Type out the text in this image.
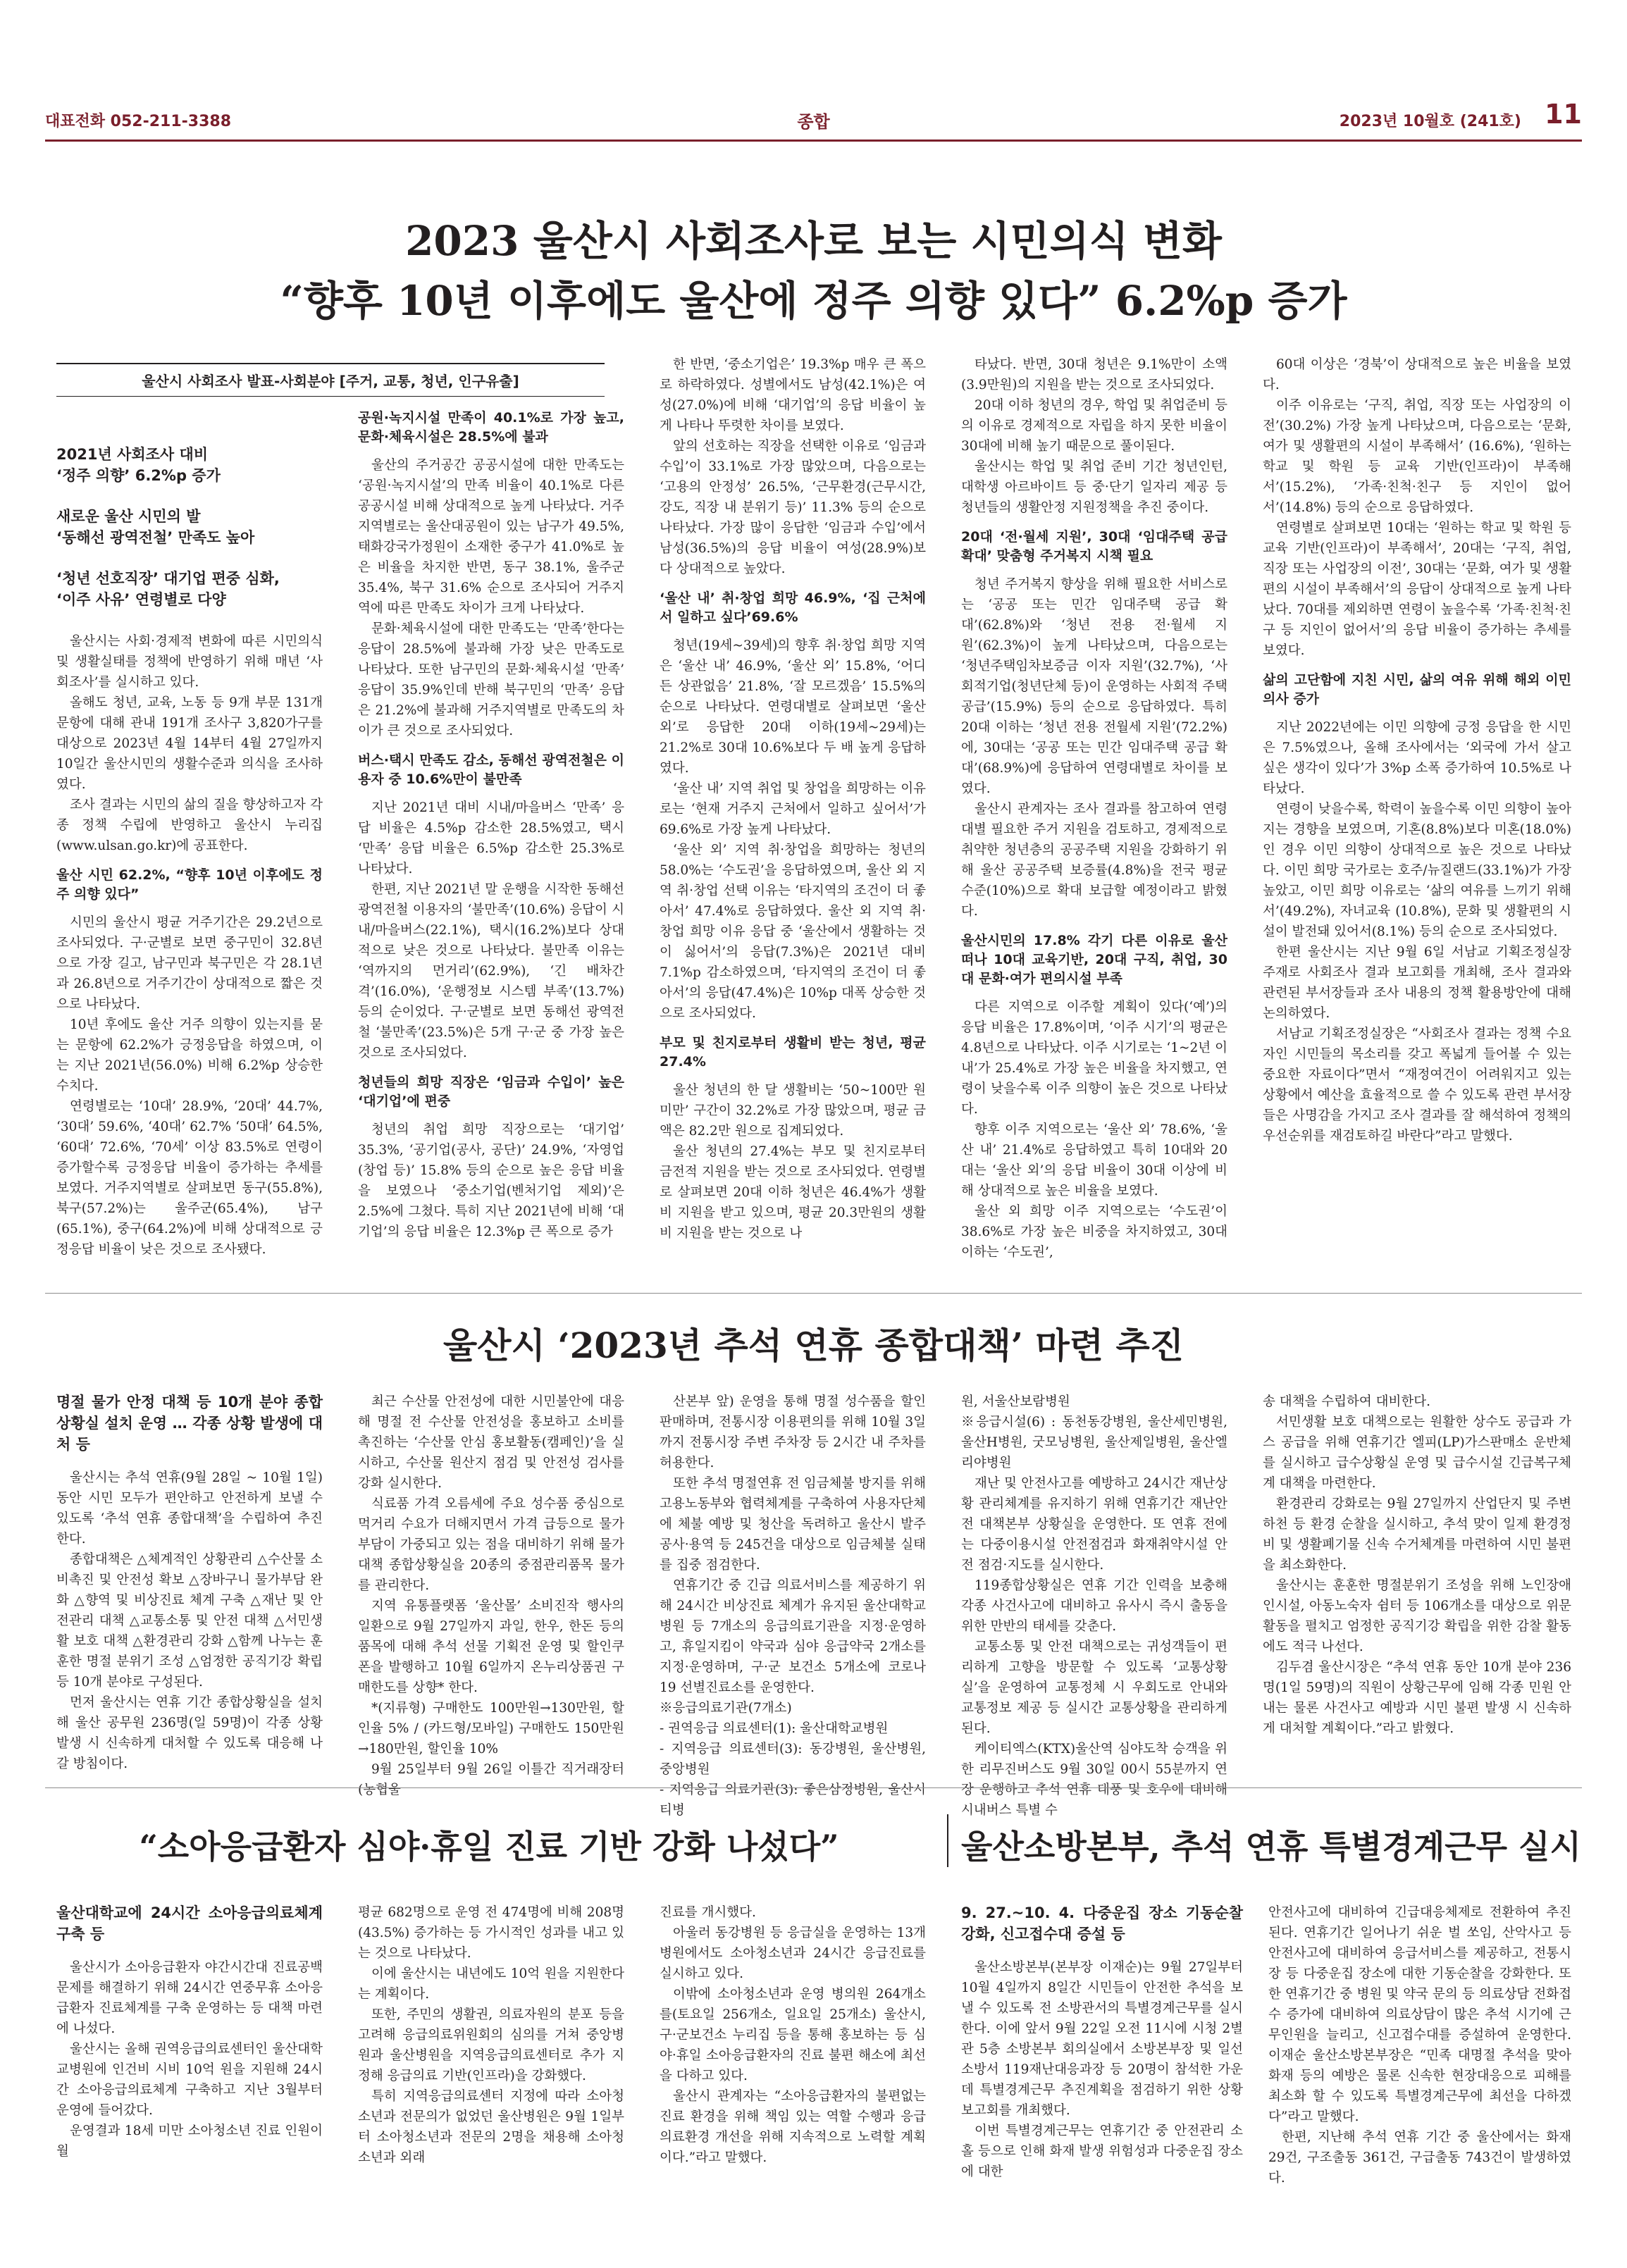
대표전화 052-211-3388	종합	2023년 10월호 (241호) 11
2023 울산시 사회조사로 보는 시민의식 변화
“향후 10년 이후에도 울산에 정주 의향 있다” 6.2%p 증가
울산시 사회조사 발표-사회분야 [주거, 교통, 청년, 인구유출]
2021년 사회조사 대비
‘정주 의향’ 6.2%p 증가
새로운 울산 시민의 발
‘동해선 광역전철’ 만족도 높아
‘청년 선호직장’ 대기업 편중 심화,
‘이주 사유’ 연령별로 다양

울산시는 사회·경제적 변화에 따른 시민의식 및 생활실태를 정책에 반영하기 위해 매년 ‘사회조사’를 실시하고 있다.

올해도 청년, 교육, 노동 등 9개 부문 131개 문항에 대해 관내 191개 조사구 3,820가구를 대상으로 2023년 4월 14부터 4월 27일까지 10일간 울산시민의 생활수준과 의식을 조사하였다.

조사 결과는 시민의 삶의 질을 향상하고자 각종 정책 수립에 반영하고 울산시 누리집(www.ulsan.go.kr)에 공표한다.

울산 시민 62.2%, “향후 10년 이후에도 정주 의향 있다”

시민의 울산시 평균 거주기간은 29.2년으로 조사되었다. 구·군별로 보면 중구민이 32.8년으로 가장 길고, 남구민과 북구민은 각 28.1년과 26.8년으로 거주기간이 상대적으로 짧은 것으로 나타났다.

10년 후에도 울산 거주 의향이 있는지를 묻는 문항에 62.2%가 긍정응답을 하였으며, 이는 지난 2021년(56.0%) 비해 6.2%p 상승한 수치다.

연령별로는 ‘10대’ 28.9%, ‘20대’ 44.7%, ‘30대’ 59.6%, ‘40대’ 62.7% ‘50대’ 64.5%, ‘60대’ 72.6%, ‘70세’ 이상 83.5%로 연령이 증가할수록 긍정응답 비율이 증가하는 추세를 보였다. 거주지역별로 살펴보면 동구(55.8%), 북구(57.2%)는 울주군(65.4%), 남구(65.1%), 중구(64.2%)에 비해 상대적으로 긍정응답 비율이 낮은 것으로 조사됐다.

공원·녹지시설 만족이 40.1%로 가장 높고, 문화·체육시설은 28.5%에 불과

울산의 주거공간 공공시설에 대한 만족도는 ‘공원·녹지시설’의 만족 비율이 40.1%로 다른 공공시설 비해 상대적으로 높게 나타났다. 거주 지역별로는 울산대공원이 있는 남구가 49.5%, 태화강국가정원이 소재한 중구가 41.0%로 높은 비율을 차지한 반면, 동구 38.1%, 울주군 35.4%, 북구 31.6% 순으로 조사되어 거주지역에 따른 만족도 차이가 크게 나타났다.

문화·체육시설에 대한 만족도는 ‘만족’한다는 응답이 28.5%에 불과해 가장 낮은 만족도로 나타났다. 또한 남구민의 문화·체육시설 ‘만족’ 응답이 35.9%인데 반해 북구민의 ‘만족’ 응답은 21.2%에 불과해 거주지역별로 만족도의 차이가 큰 것으로 조사되었다.

버스·택시 만족도 감소, 동해선 광역전철은 이용자 중 10.6%만이 불만족

지난 2021년 대비 시내/마을버스 ‘만족’ 응답 비율은 4.5%p 감소한 28.5%였고, 택시 ‘만족’ 응답 비율은 6.5%p 감소한 25.3%로 나타났다.

한편, 지난 2021년 말 운행을 시작한 동해선 광역전철 이용자의 ‘불만족’(10.6%) 응답이 시내/마을버스(22.1%), 택시(16.2%)보다 상대적으로 낮은 것으로 나타났다. 불만족 이유는 ‘역까지의 먼거리’(62.9%), ‘긴 배차간격’(16.0%), ‘운행정보 시스템 부족’(13.7%) 등의 순이었다. 구·군별로 보면 동해선 광역전철 ‘불만족’(23.5%)은 5개 구·군 중 가장 높은 것으로 조사되었다.

청년들의 희망 직장은 ‘임금과 수입이’ 높은 ‘대기업’에 편중

청년의 취업 희망 직장으로는 ‘대기업’ 35.3%, ‘공기업(공사, 공단)’ 24.9%, ‘자영업(창업 등)’ 15.8% 등의 순으로 높은 응답 비율을 보였으나 ‘중소기업(벤처기업 제외)’은 2.5%에 그쳤다. 특히 지난 2021년에 비해 ‘대기업’의 응답 비율은 12.3%p 큰 폭으로 증가

한 반면, ‘중소기업은’ 19.3%p 매우 큰 폭으로 하락하였다. 성별에서도 남성(42.1%)은 여성(27.0%)에 비해 ‘대기업’의 응답 비율이 높게 나타나 뚜렷한 차이를 보였다.

앞의 선호하는 직장을 선택한 이유로 ‘임금과 수입’이 33.1%로 가장 많았으며, 다음으로는 ‘고용의 안정성’ 26.5%, ‘근무환경(근무시간, 강도, 직장 내 분위기 등)’ 11.3% 등의 순으로 나타났다. 가장 많이 응답한 ‘임금과 수입’에서 남성(36.5%)의 응답 비율이 여성(28.9%)보다 상대적으로 높았다.

‘울산 내’ 취·창업 희망 46.9%, ‘집 근처에서 일하고 싶다’69.6%

청년(19세~39세)의 향후 취·창업 희망 지역은 ‘울산 내’ 46.9%, ‘울산 외’ 15.8%, ‘어디든 상관없음’ 21.8%, ‘잘 모르겠음’ 15.5%의 순으로 나타났다. 연령대별로 살펴보면 ‘울산 외’로 응답한 20대 이하(19세~29세)는 21.2%로 30대 10.6%보다 두 배 높게 응답하였다.

‘울산 내’ 지역 취업 및 창업을 희망하는 이유로는 ‘현재 거주지 근처에서 일하고 싶어서’가 69.6%로 가장 높게 나타났다.

‘울산 외’ 지역 취·창업을 희망하는 청년의 58.0%는 ‘수도권’을 응답하였으며, 울산 외 지역 취·창업 선택 이유는 ‘타지역의 조건이 더 좋아서’ 47.4%로 응답하였다. 울산 외 지역 취·창업 희망 이유 응답 중 ‘울산에서 생활하는 것이 싫어서’의 응답(7.3%)은 2021년 대비 7.1%p 감소하였으며, ‘타지역의 조건이 더 좋아서’의 응답(47.4%)은 10%p 대폭 상승한 것으로 조사되었다.

부모 및 친지로부터 생활비 받는 청년, 평균 27.4%

울산 청년의 한 달 생활비는 ‘50~100만 원 미만’ 구간이 32.2%로 가장 많았으며, 평균 금액은 82.2만 원으로 집계되었다.

울산 청년의 27.4%는 부모 및 친지로부터 금전적 지원을 받는 것으로 조사되었다. 연령별로 살펴보면 20대 이하 청년은 46.4%가 생활비 지원을 받고 있으며, 평균 20.3만원의 생활비 지원을 받는 것으로 나

타났다. 반면, 30대 청년은 9.1%만이 소액(3.9만원)의 지원을 받는 것으로 조사되었다.

20대 이하 청년의 경우, 학업 및 취업준비 등의 이유로 경제적으로 자립을 하지 못한 비율이 30대에 비해 높기 때문으로 풀이된다.

울산시는 학업 및 취업 준비 기간 청년인턴, 대학생 아르바이트 등 중·단기 일자리 제공 등 청년들의 생활안정 지원정책을 추진 중이다.

20대 ‘전·월세 지원’, 30대 ‘임대주택 공급 확대’ 맞춤형 주거복지 시책 필요

청년 주거복지 향상을 위해 필요한 서비스로는 ‘공공 또는 민간 임대주택 공급 확대’(62.8%)와 ‘청년 전용 전·월세 지원’(62.3%)이 높게 나타났으며, 다음으로는 ‘청년주택임차보증금 이자 지원’(32.7%), ‘사회적기업(청년단체 등)이 운영하는 사회적 주택 공급’(15.9%) 등의 순으로 응답하였다. 특히 20대 이하는 ‘청년 전용 전월세 지원’(72.2%)에, 30대는 ‘공공 또는 민간 임대주택 공급 확대’(68.9%)에 응답하여 연령대별로 차이를 보였다.

울산시 관계자는 조사 결과를 참고하여 연령대별 필요한 주거 지원을 검토하고, 경제적으로 취약한 청년층의 공공주택 지원을 강화하기 위해 울산 공공주택 보증률(4.8%)을 전국 평균 수준(10%)으로 확대 보급할 예정이라고 밝혔다.

울산시민의 17.8% 각기 다른 이유로 울산 떠나 10대 교육기반, 20대 구직, 취업, 30대 문화·여가 편의시설 부족

다른 지역으로 이주할 계획이 있다(‘예’)의 응답 비율은 17.8%이며, ‘이주 시기’의 평균은 4.8년으로 나타났다. 이주 시기로는 ‘1~2년 이내’가 25.4%로 가장 높은 비율을 차지했고, 연령이 낮을수록 이주 의향이 높은 것으로 나타났다.

향후 이주 지역으로는 ‘울산 외’ 78.6%, ‘울산 내’ 21.4%로 응답하였고 특히 10대와 20대는 ‘울산 외’의 응답 비율이 30대 이상에 비해 상대적으로 높은 비율을 보였다.

울산 외 희망 이주 지역으로는 ‘수도권’이 38.6%로 가장 높은 비중을 차지하였고, 30대 이하는 ‘수도권’,

60대 이상은 ‘경북’이 상대적으로 높은 비율을 보였다.

이주 이유로는 ‘구직, 취업, 직장 또는 사업장의 이전’(30.2%) 가장 높게 나타났으며, 다음으로는 ‘문화, 여가 및 생활편의 시설이 부족해서’ (16.6%), ‘원하는 학교 및 학원 등 교육 기반(인프라)이 부족해서’(15.2%), ‘가족·친척·친구 등 지인이 없어서’(14.8%) 등의 순으로 응답하였다.

연령별로 살펴보면 10대는 ‘원하는 학교 및 학원 등 교육 기반(인프라)이 부족해서’, 20대는 ‘구직, 취업, 직장 또는 사업장의 이전’, 30대는 ‘문화, 여가 및 생활편의 시설이 부족해서’의 응답이 상대적으로 높게 나타났다. 70대를 제외하면 연령이 높을수록 ‘가족·친척·친구 등 지인이 없어서’의 응답 비율이 증가하는 추세를 보였다.

삶의 고단함에 지친 시민, 삶의 여유 위해 해외 이민 의사 증가

지난 2022년에는 이민 의향에 긍정 응답을 한 시민은 7.5%였으나, 올해 조사에서는 ‘외국에 가서 살고 싶은 생각이 있다’가 3%p 소폭 증가하여 10.5%로 나타났다.

연령이 낮을수록, 학력이 높을수록 이민 의향이 높아지는 경향을 보였으며, 기혼(8.8%)보다 미혼(18.0%)인 경우 이민 의향이 상대적으로 높은 것으로 나타났다. 이민 희망 국가로는 호주/뉴질랜드(33.1%)가 가장 높았고, 이민 희망 이유로는 ‘삶의 여유를 느끼기 위해서’(49.2%), 자녀교육 (10.8%), 문화 및 생활편의 시설이 발전돼 있어서(8.1%) 등의 순으로 조사되었다.

한편 울산시는 지난 9월 6일 서남교 기획조정실장 주재로 사회조사 결과 보고회를 개최해, 조사 결과와 관련된 부서장들과 조사 내용의 정책 활용방안에 대해 논의하였다.

서남교 기획조정실장은 “사회조사 결과는 정책 수요자인 시민들의 목소리를 갖고 폭넓게 들어볼 수 있는 중요한 자료이다”면서 “재정여건이 어려워지고 있는 상황에서 예산을 효율적으로 쓸 수 있도록 관련 부서장들은 사명감을 가지고 조사 결과를 잘 해석하여 정책의 우선순위를 재검토하길 바란다”라고 말했다.

울산시 ‘2023년 추석 연휴 종합대책’ 마련 추진
명절 물가 안정 대책 등 10개 분야 종합상황실 설치 운영 … 각종 상황 발생에 대처 등

울산시는 추석 연휴(9월 28일 ~ 10월 1일) 동안 시민 모두가 편안하고 안전하게 보낼 수 있도록 ‘추석 연휴 종합대책’을 수립하여 추진한다.

종합대책은 △체계적인 상황관리 △수산물 소비촉진 및 안전성 확보 △장바구니 물가부담 완화 △향역 및 비상진료 체계 구축 △재난 및 안전관리 대책 △교통소통 및 안전 대책 △서민생활 보호 대책 △환경관리 강화 △함께 나누는 훈훈한 명절 분위기 조성 △엄정한 공직기강 확립 등 10개 분야로 구성된다.

먼저 울산시는 연휴 기간 종합상황실을 설치해 울산 공무원 236명(일 59명)이 각종 상황 발생 시 신속하게 대처할 수 있도록 대응해 나갈 방침이다.

최근 수산물 안전성에 대한 시민불안에 대응해 명절 전 수산물 안전성을 홍보하고 소비를 촉진하는 ‘수산물 안심 홍보활동(캠페인)’을 실시하고, 수산물 원산지 점검 및 안전성 검사를 강화 실시한다.

식료품 가격 오름세에 주요 성수품 중심으로 먹거리 수요가 더해지면서 가격 급등으로 물가 부담이 가중되고 있는 점을 대비하기 위해 물가대책 종합상황실을 20종의 중점관리품목 물가를 관리한다.

지역 유통플랫폼 ‘울산몰’ 소비진작 행사의 일환으로 9월 27일까지 과일, 한우, 한돈 등의 품목에 대해 추석 선물 기획전 운영 및 할인쿠폰을 발행하고 10월 6일까지 온누리상품권 구매한도를 상향* 한다.

*(지류형) 구매한도 100만원→130만원, 할인율 5% / (카드형/모바일) 구매한도 150만원→180만원, 할인율 10%

9월 25일부터 9월 26일 이틀간 직거래장터(농협울

산본부 앞) 운영을 통해 명절 성수품을 할인 판매하며, 전통시장 이용편의를 위해 10월 3일까지 전통시장 주변 주차장 등 2시간 내 주차를 허용한다.

또한 추석 명절연휴 전 임금체불 방지를 위해 고용노동부와 협력체계를 구축하여 사용자단체에 체불 예방 및 청산을 독려하고 울산시 발주 공사·용역 등 245건을 대상으로 임금체불 실태를 집중 점검한다.

연휴기간 중 긴급 의료서비스를 제공하기 위해 24시간 비상진료 체계가 유지된 울산대학교병원 등 7개소의 응급의료기관을 지정·운영하고, 휴일지킴이 약국과 심야 응급약국 2개소를 지정·운영하며, 구·군 보건소 5개소에 코로나19 선별진료소를 운영한다.

※응급의료기관(7개소)

- 권역응급 의료센터(1): 울산대학교병원

- 지역응급 의료센터(3): 동강병원, 울산병원, 중앙병원

- 지역응급 의료기관(3): 좋은삼정병원, 울산시티병

원, 서울산보람병원

※응급시설(6) : 동천동강병원, 울산세민병원, 울산H병원, 굿모닝병원, 울산제일병원, 울산엘리야병원

재난 및 안전사고를 예방하고 24시간 재난상황 관리체계를 유지하기 위해 연휴기간 재난안전 대책본부 상황실을 운영한다. 또 연휴 전에는 다중이용시설 안전점검과 화재취약시설 안전 점검·지도를 실시한다.

119종합상황실은 연휴 기간 인력을 보충해 각종 사건사고에 대비하고 유사시 즉시 출동을 위한 만반의 태세를 갖춘다.

교통소통 및 안전 대책으로는 귀성객들이 편리하게 고향을 방문할 수 있도록 ‘교통상황실’을 운영하여 교통정체 시 우회도로 안내와 교통정보 제공 등 실시간 교통상황을 관리하게 된다.

케이티엑스(KTX)울산역 심야도착 승객을 위한 리무진버스도 9월 30일 00시 55분까지 연장 운행하고 추석 연휴 태풍 및 호우에 대비해 시내버스 특별 수

송 대책을 수립하여 대비한다.

서민생활 보호 대책으로는 원활한 상수도 공급과 가스 공급을 위해 연휴기간 엘피(LP)가스판매소 운반체를 실시하고 급수상황실 운영 및 급수시설 긴급복구체계 대책을 마련한다.

환경관리 강화로는 9월 27일까지 산업단지 및 주변 하천 등 환경 순찰을 실시하고, 추석 맞이 일제 환경정비 및 생활폐기물 신속 수거체계를 마련하여 시민 불편을 최소화한다.

울산시는 훈훈한 명절분위기 조성을 위해 노인장애인시설, 아동노숙자 쉼터 등 106개소를 대상으로 위문 활동을 펼치고 엄정한 공직기강 확립을 위한 감찰 활동에도 적극 나선다.

김두겸 울산시장은 “추석 연휴 동안 10개 분야 236명(1일 59명)의 직원이 상황근무에 임해 각종 민원 안내는 물론 사건사고 예방과 시민 불편 발생 시 신속하게 대처할 계획이다.”라고 밝혔다.

“소아응급환자 심야·휴일 진료 기반 강화 나섰다”
울산대학교에 24시간 소아응급의료체계 구축 등

울산시가 소아응급환자 야간시간대 진료공백 문제를 해결하기 위해 24시간 연중무휴 소아응급환자 진료체계를 구축 운영하는 등 대책 마련에 나섰다.

울산시는 올해 권역응급의료센터인 울산대학교병원에 인건비 시비 10억 원을 지원해 24시간 소아응급의료체계 구축하고 지난 3월부터 운영에 들어갔다.

운영결과 18세 미만 소아청소년 진료 인원이 월

평균 682명으로 운영 전 474명에 비해 208명(43.5%) 증가하는 등 가시적인 성과를 내고 있는 것으로 나타났다.

이에 울산시는 내년에도 10억 원을 지원한다는 계획이다.

또한, 주민의 생활권, 의료자원의 분포 등을 고려해 응급의료위원회의 심의를 거쳐 중앙병원과 울산병원을 지역응급의료센터로 추가 지정해 응급의료 기반(인프라)을 강화했다.

특히 지역응급의료센터 지정에 따라 소아청소년과 전문의가 없었던 울산병원은 9월 1일부터 소아청소년과 전문의 2명을 채용해 소아청소년과 외래

진료를 개시했다.

아울러 동강병원 등 응급실을 운영하는 13개 병원에서도 소아청소년과 24시간 응급진료를 실시하고 있다.

이밖에 소아청소년과 운영 병의원 264개소를(토요일 256개소, 일요일 25개소) 울산시, 구·군보건소 누리집 등을 통해 홍보하는 등 심야·휴일 소아응급환자의 진료 불편 해소에 최선을 다하고 있다.

울산시 관계자는 “소아응급환자의 불편없는 진료 환경을 위해 책임 있는 역할 수행과 응급의료환경 개선을 위해 지속적으로 노력할 계획이다.”라고 말했다.

울산소방본부, 추석 연휴 특별경계근무 실시
9. 27.~10. 4. 다중운집 장소 기동순찰 강화, 신고접수대 증설 등

울산소방본부(본부장 이재순)는 9월 27일부터 10월 4일까지 8일간 시민들이 안전한 추석을 보낼 수 있도록 전 소방관서의 특별경계근무를 실시한다. 이에 앞서 9월 22일 오전 11시에 시청 2별관 5층 소방본부 회의실에서 소방본부장 및 일선 소방서 119재난대응과장 등 20명이 참석한 가운데 특별경계근무 추진계획을 점검하기 위한 상황보고회를 개최했다.

이번 특별경계근무는 연휴기간 중 안전관리 소홀 등으로 인해 화재 발생 위험성과 다중운집 장소에 대한

안전사고에 대비하여 긴급대응체제로 전환하여 추진된다. 연휴기간 일어나기 쉬운 벌 쏘임, 산악사고 등 안전사고에 대비하여 응급서비스를 제공하고, 전통시장 등 다중운집 장소에 대한 기동순찰을 강화한다. 또한 연휴기간 중 병원 및 약국 문의 등 의료상담 전화접수 증가에 대비하여 의료상담이 많은 추석 시기에 근무인원을 늘리고, 신고접수대를 증설하여 운영한다. 이재순 울산소방본부장은 “민족 대명절 추석을 맞아 화재 등의 예방은 물론 신속한 현장대응으로 피해를 최소화 할 수 있도록 특별경계근무에 최선을 다하겠다”라고 말했다.

한편, 지난해 추석 연휴 기간 중 울산에서는 화재 29건, 구조출동 361건, 구급출동 743건이 발생하였다.
